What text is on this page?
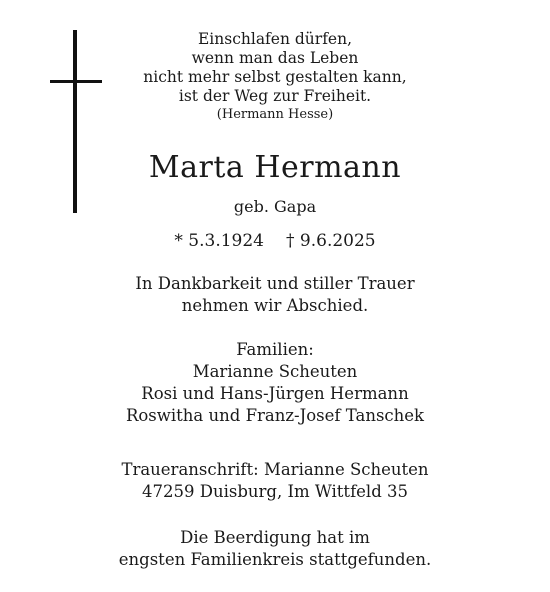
Einschlafen dürfen,
wenn man das Leben
nicht mehr selbst gestalten kann,
ist der Weg zur Freiheit.
(Hermann Hesse)
Marta Hermann
geb. Gapa
* 5.3.1924 † 9.6.2025
In Dankbarkeit und stiller Trauer
nehmen wir Abschied.
Familien:
Marianne Scheuten
Rosi und Hans-Jürgen Hermann
Roswitha und Franz-Josef Tanschek
Traueranschrift: Marianne Scheuten
47259 Duisburg, Im Wittfeld 35
Die Beerdigung hat im
engsten Familienkreis stattgefunden.
